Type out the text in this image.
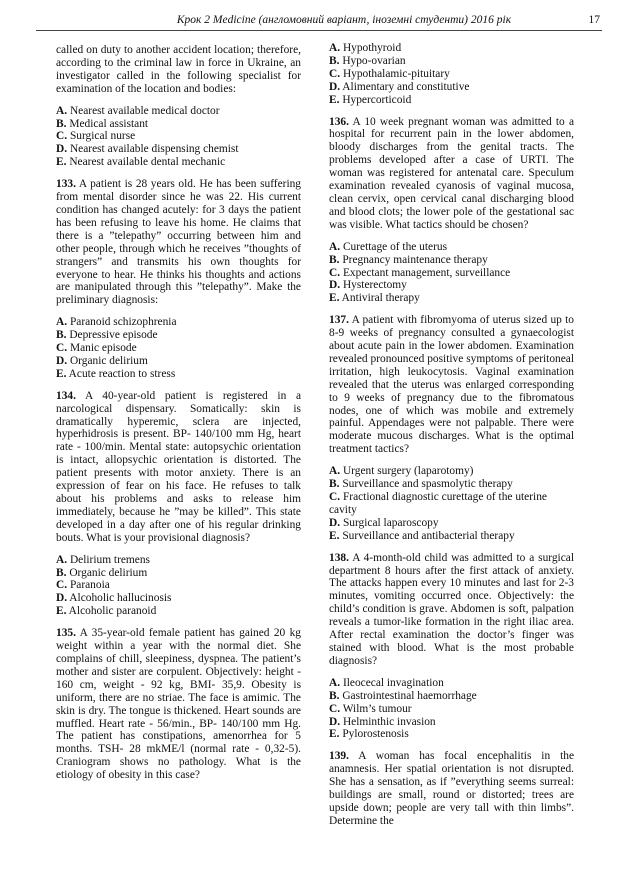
Крок 2 Medicine (англомовний варіант, іноземні студенти) 2016 рік	17

called on duty to another accident location; therefore, according to the criminal law in force in Ukraine, an investigator called in the following specialist for examination of the location and bodies:

A. Nearest available medical doctor
B. Medical assistant
C. Surgical nurse
D. Nearest available dispensing chemist
E. Nearest available dental mechanic

133. A patient is 28 years old. He has been suffering from mental disorder since he was 22. His current condition has changed acutely: for 3 days the patient has been refusing to leave his home. He claims that there is a ”telepathy” occurring between him and other people, through which he receives ”thoughts of strangers” and transmits his own thoughts for everyone to hear. He thinks his thoughts and actions are manipulated through this ”telepathy”. Make the preliminary diagnosis:

A. Paranoid schizophrenia
B. Depressive episode
C. Manic episode
D. Organic delirium
E. Acute reaction to stress

134. A 40-year-old patient is registered in a narcological dispensary. Somatically: skin is dramatically hyperemic, sclera are injected, hyperhidrosis is present. BP- 140/100 mm Hg, heart rate - 100/min. Mental state: autopsychic orientation is intact, allopsychic orientation is distorted. The patient presents with motor anxiety. There is an expression of fear on his face. He refuses to talk about his problems and asks to release him immediately, because he ”may be killed”. This state developed in a day after one of his regular drinking bouts. What is your provisional diagnosis?

A. Delirium tremens
B. Organic delirium
C. Paranoia
D. Alcoholic hallucinosis
E. Alcoholic paranoid

135. A 35-year-old female patient has gained 20 kg weight within a year with the normal diet. She complains of chill, sleepiness, dyspnea. The patient’s mother and sister are corpulent. Objectively: height - 160 cm, weight - 92 kg, BMI- 35,9. Obesity is uniform, there are no striae. The face is amimic. The skin is dry. The tongue is thickened. Heart sounds are muffled. Heart rate - 56/min., BP- 140/100 mm Hg. The patient has constipations, amenorrhea for 5 months. TSH- 28 mkME/l (normal rate - 0,32-5). Craniogram shows no pathology. What is the etiology of obesity in this case?

A. Hypothyroid
B. Hypo-ovarian
C. Hypothalamic-pituitary
D. Alimentary and constitutive
E. Hypercorticoid

136. A 10 week pregnant woman was admitted to a hospital for recurrent pain in the lower abdomen, bloody discharges from the genital tracts. The problems developed after a case of URTI. The woman was registered for antenatal care. Speculum examination revealed cyanosis of vaginal mucosa, clean cervix, open cervical canal discharging blood and blood clots; the lower pole of the gestational sac was visible. What tactics should be chosen?

A. Curettage of the uterus
B. Pregnancy maintenance therapy
C. Expectant management, surveillance
D. Hysterectomy
E. Antiviral therapy

137. A patient with fibromyoma of uterus sized up to 8-9 weeks of pregnancy consulted a gynaecologist about acute pain in the lower abdomen. Examination revealed pronounced positive symptoms of peritoneal irritation, high leukocytosis. Vaginal examination revealed that the uterus was enlarged corresponding to 9 weeks of pregnancy due to the fibromatous nodes, one of which was mobile and extremely painful. Appendages were not palpable. There were moderate mucous discharges. What is the optimal treatment tactics?

A. Urgent surgery (laparotomy)
B. Surveillance and spasmolytic therapy
C. Fractional diagnostic curettage of the uterine cavity
D. Surgical laparoscopy
E. Surveillance and antibacterial therapy

138. A 4-month-old child was admitted to a surgical department 8 hours after the first attack of anxiety. The attacks happen every 10 minutes and last for 2-3 minutes, vomiting occurred once. Objectively: the child’s condition is grave. Abdomen is soft, palpation reveals a tumor-like formation in the right iliac area. After rectal examination the doctor’s finger was stained with blood. What is the most probable diagnosis?

A. Ileocecal invagination
B. Gastrointestinal haemorrhage
C. Wilm’s tumour
D. Helminthic invasion
E. Pylorostenosis

139. A woman has focal encephalitis in the anamnesis. Her spatial orientation is not disrupted. She has a sensation, as if ”everything seems surreal: buildings are small, round or distorted; trees are upside down; people are very tall with thin limbs”. Determine the
